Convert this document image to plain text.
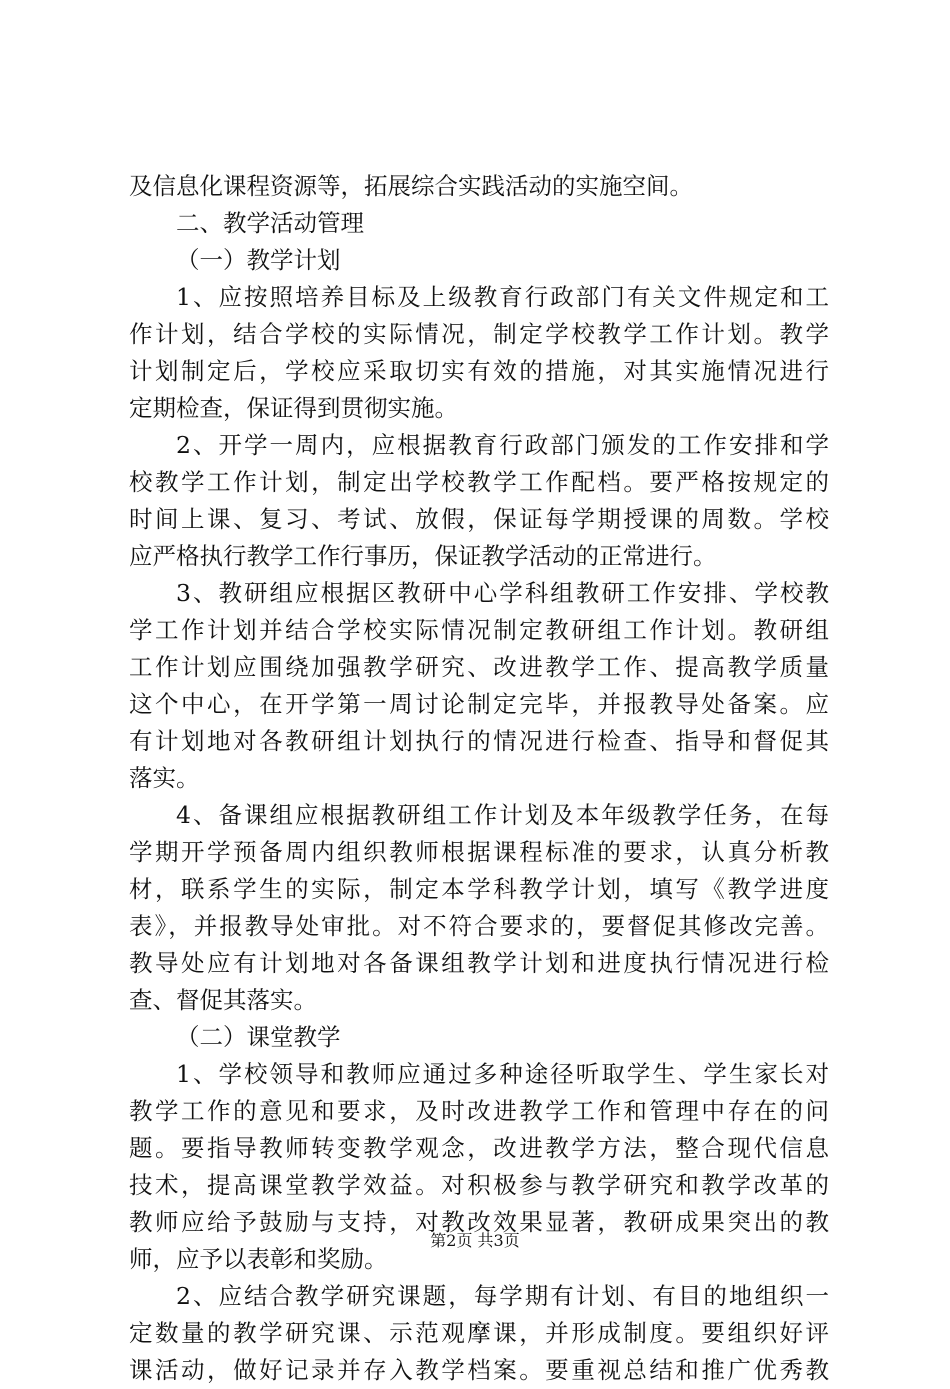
及信息化课程资源等，拓展综合实践活动的实施空间。
二、教学活动管理
（一）教学计划
1、应按照培养目标及上级教育行政部门有关文件规定和工
作计划，结合学校的实际情况，制定学校教学工作计划。教学
计划制定后，学校应采取切实有效的措施，对其实施情况进行
定期检查，保证得到贯彻实施。
2、开学一周内，应根据教育行政部门颁发的工作安排和学
校教学工作计划，制定出学校教学工作配档。要严格按规定的
时间上课、复习、考试、放假，保证每学期授课的周数。学校
应严格执行教学工作行事历，保证教学活动的正常进行。
3、教研组应根据区教研中心学科组教研工作安排、学校教
学工作计划并结合学校实际情况制定教研组工作计划。教研组
工作计划应围绕加强教学研究、改进教学工作、提高教学质量
这个中心，在开学第一周讨论制定完毕，并报教导处备案。应
有计划地对各教研组计划执行的情况进行检查、指导和督促其
落实。
4、备课组应根据教研组工作计划及本年级教学任务，在每
学期开学预备周内组织教师根据课程标准的要求，认真分析教
材，联系学生的实际，制定本学科教学计划，填写《教学进度
表》，并报教导处审批。对不符合要求的，要督促其修改完善。
教导处应有计划地对各备课组教学计划和进度执行情况进行检
查、督促其落实。
（二）课堂教学
1、学校领导和教师应通过多种途径听取学生、学生家长对
教学工作的意见和要求，及时改进教学工作和管理中存在的问
题。要指导教师转变教学观念，改进教学方法，整合现代信息
技术，提高课堂教学效益。对积极参与教学研究和教学改革的
教师应给予鼓励与支持，对教改效果显著，教研成果突出的教
师，应予以表彰和奖励。
2、应结合教学研究课题，每学期有计划、有目的地组织一
定数量的教学研究课、示范观摩课，并形成制度。要组织好评
课活动，做好记录并存入教学档案。要重视总结和推广优秀教
第2页 共3页
